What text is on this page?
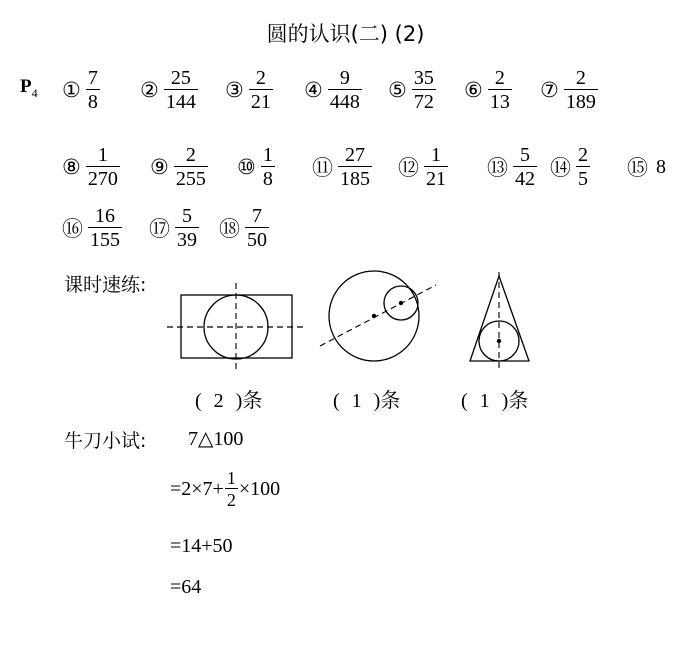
圆的认识(二) (2)
$P_4$ ① $\frac{7}{8}$ ② $\frac{25}{144}$ ③ $\frac{2}{21}$ ④ $\frac{9}{448}$ ⑤ $\frac{35}{72}$ ⑥ $\frac{2}{13}$ ⑦ $\frac{2}{189}$
⑧ $\frac{1}{270}$ ⑨ $\frac{2}{255}$ ⑩ $\frac{1}{8}$ ⑪ $\frac{27}{185}$ ⑫ $\frac{1}{21}$ ⑬ $\frac{5}{42}$ ⑭ $\frac{2}{5}$ ⑮ 8
⑯ $\frac{16}{155}$ ⑰ $\frac{5}{39}$ ⑱ $\frac{7}{50}$
课时速练:
( 2 )条	( 1 )条	( 1 )条
牛刀小试: 7△100
$=2\times 7+ \frac{1}{2} \times 100$
=14+50
=64
